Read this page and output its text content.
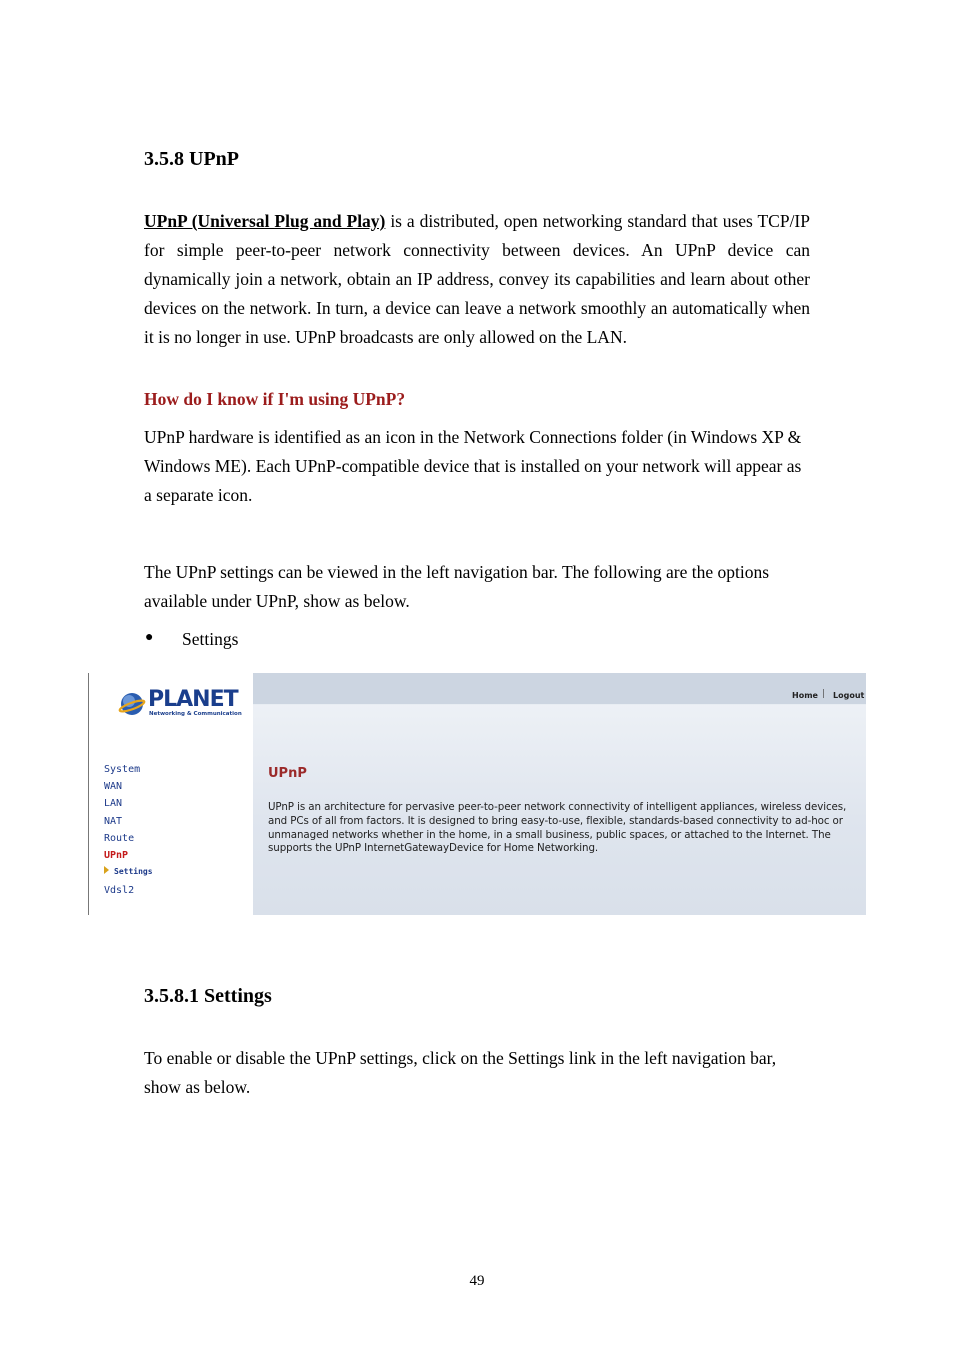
3.5.8 UPnP
UPnP (Universal Plug and Play) is a distributed, open networking standard that uses TCP/IP for simple peer-to-peer network connectivity between devices. An UPnP device can dynamically join a network, obtain an IP address, convey its capabilities and learn about other devices on the network. In turn, a device can leave a network smoothly an automatically when it is no longer in use. UPnP broadcasts are only allowed on the LAN.
How do I know if I'm using UPnP?
UPnP hardware is identified as an icon in the Network Connections folder (in Windows XP & Windows ME). Each UPnP-compatible device that is installed on your network will appear as a separate icon.
The UPnP settings can be viewed in the left navigation bar. The following are the options available under UPnP, show as below.
● Settings
PLANET
Networking & Communication
Home | Logout
System
WAN
LAN
NAT
Route
UPnP
Settings
Vdsl2
UPnP
UPnP is an architecture for pervasive peer-to-peer network connectivity of intelligent appliances, wireless devices, and PCs of all from factors. It is designed to bring easy-to-use, flexible, standards-based connectivity to ad-hoc or unmanaged networks whether in the home, in a small business, public spaces, or attached to the Internet. The supports the UPnP InternetGatewayDevice for Home Networking.
3.5.8.1 Settings
To enable or disable the UPnP settings, click on the Settings link in the left navigation bar, show as below.
49
